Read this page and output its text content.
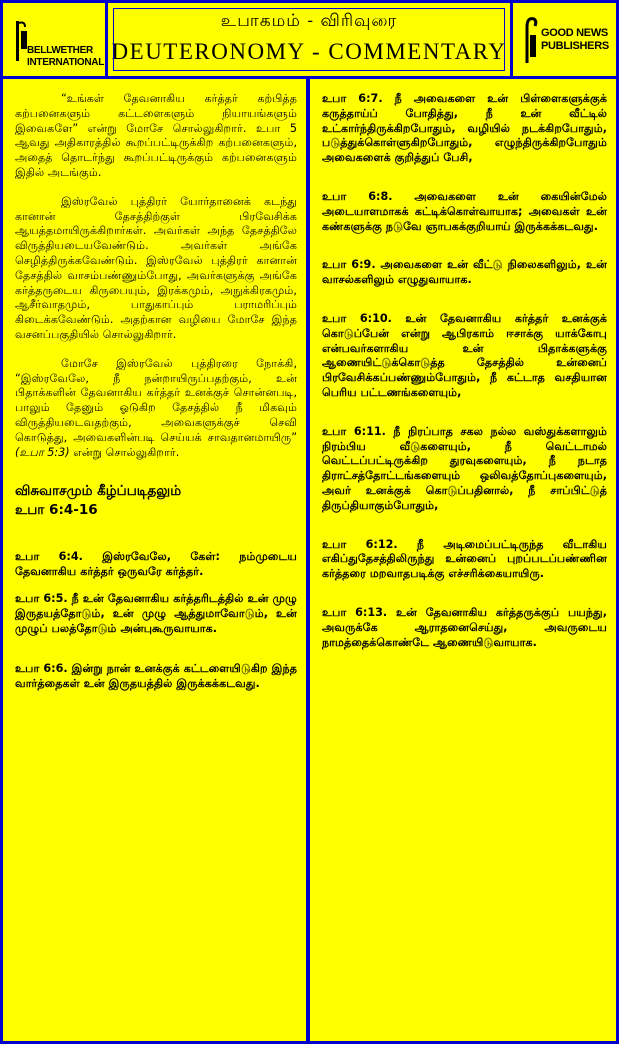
BELLWETHER
INTERNATIONAL
உபாகமம் - விரிவுரை
DEUTERONOMY - COMMENTARY
GOOD NEWS
PUBLISHERS

“உங்கள் தேவனாகிய கர்த்தர் கற்பித்த கற்பனைகளும் கட்டளைகளும் நியாயங்களும் இவைகளே” என்று மோசே சொல்லுகிறார். உபா 5 ஆவது அதிகாரத்தில் கூறப்பட்டிருக்கிற கற்பனைகளும், அதைத் தொடர்ந்து கூறப்பட்டிருக்கும் கற்பனைகளும் இதில் அடங்கும்.

இஸ்ரவேல் புத்திரர் யோர்தானைக் கடந்து கானான் தேசத்திற்குள் பிரவேசிக்க ஆயத்தமாயிருக்கிறார்கள். அவர்கள் அந்த தேசத்திலே விருத்தியடையவேண்டும். அவர்கள் அங்கே செழித்திருக்கவேண்டும். இஸ்ரவேல் புத்திரர் கானான் தேசத்தில் வாசம்பண்ணும்போது, அவர்களுக்கு அங்கே கர்த்தருடைய கிருபையும், இரக்கமும், அநுக்கிரகமும், ஆசீர்வாதமும், பாதுகாப்பும் பராமரிப்பும் கிடைக்கவேண்டும். அதற்கான வழியை மோசே இந்த வசனப்பகுதியில் சொல்லுகிறார்.

மோசே இஸ்ரவேல் புத்திரரை நோக்கி, “இஸ்ரவேலே, நீ நன்றாயிருப்பதற்கும், உன் பிதாக்களின் தேவனாகிய கர்த்தர் உனக்குச் சொன்னபடி, பாலும் தேனும் ஓடுகிற தேசத்தில் நீ மிகவும் விருத்தியடைவதற்கும், அவைகளுக்குச் செவி கொடுத்து, அவைகளின்படி செய்யக் சாவதானமாயிரு” (உபா 5:3) என்று சொல்லுகிறார்.

விசுவாசமும் கீழ்ப்படிதலும்
உபா 6:4-16

உபா 6:4. இஸ்ரவேலே, கேள்: நம்முடைய தேவனாகிய கர்த்தர் ஒருவரே கர்த்தர்.

உபா 6:5. நீ உன் தேவனாகிய கர்த்தரிடத்தில் உன் முழு இருதயத்தோடும், உன் முழு ஆத்துமாவோடும், உன் முழுப் பலத்தோடும் அன்புகூருவாயாக.

உபா 6:6. இன்று நான் உனக்குக் கட்டளையிடுகிற இந்த வார்த்தைகள் உன் இருதயத்தில் இருக்கக்கடவது.

உபா 6:7. நீ அவைகளை உன் பிள்ளைகளுக்குக் கருத்தாய்ப் போதித்து, நீ உன் வீட்டில் உட்கார்ந்திருக்கிறபோதும், வழியில் நடக்கிறபோதும், படுத்துக்கொள்ளுகிறபோதும், எழுந்திருக்கிறபோதும் அவைகளைக் குறித்துப் பேசி,

உபா 6:8. அவைகளை உன் கையின்மேல் அடையாளமாகக் கட்டிக்கொள்வாயாக; அவைகள் உன் கண்களுக்கு நடுவே ஞாபகக்குறியாய் இருக்கக்கடவது.

உபா 6:9. அவைகளை உன் வீட்டு நிலைகளிலும், உன் வாசல்களிலும் எழுதுவாயாக.

உபா 6:10. உன் தேவனாகிய கர்த்தர் உனக்குக் கொடுப்பேன் என்று ஆபிரகாம் ஈசாக்கு யாக்கோபு என்பவர்களாகிய உன் பிதாக்களுக்கு ஆணையிட்டுக்கொடுத்த தேசத்தில் உன்னைப் பிரவேசிக்கப்பண்ணும்போதும், நீ கட்டாத வசதியான பெரிய பட்டணங்களையும்,

உபா 6:11. நீ நிரப்பாத சகல நல்ல வஸ்துக்களாலும் நிரம்பிய வீடுகளையும், நீ வெட்டாமல் வெட்டப்பட்டிருக்கிற துரவுகளையும், நீ நடாத திராட்சத்தோட்டங்களையும் ஒலிவத்தோப்புகளையும், அவர் உனக்குக் கொடுப்பதினால், நீ சாப்பிட்டுத் திருப்தியாகும்போதும்,

உபா 6:12. நீ அடிமைப்பட்டிருந்த வீடாகிய எகிப்துதேசத்திலிருந்து உன்னைப் புறப்படப்பண்ணின கர்த்தரை மறவாதபடிக்கு எச்சரிக்கையாயிரு.

உபா 6:13. உன் தேவனாகிய கர்த்தருக்குப் பயந்து, அவருக்கே ஆராதனைசெய்து, அவருடைய நாமத்தைக்கொண்டே ஆணையிடுவாயாக.
